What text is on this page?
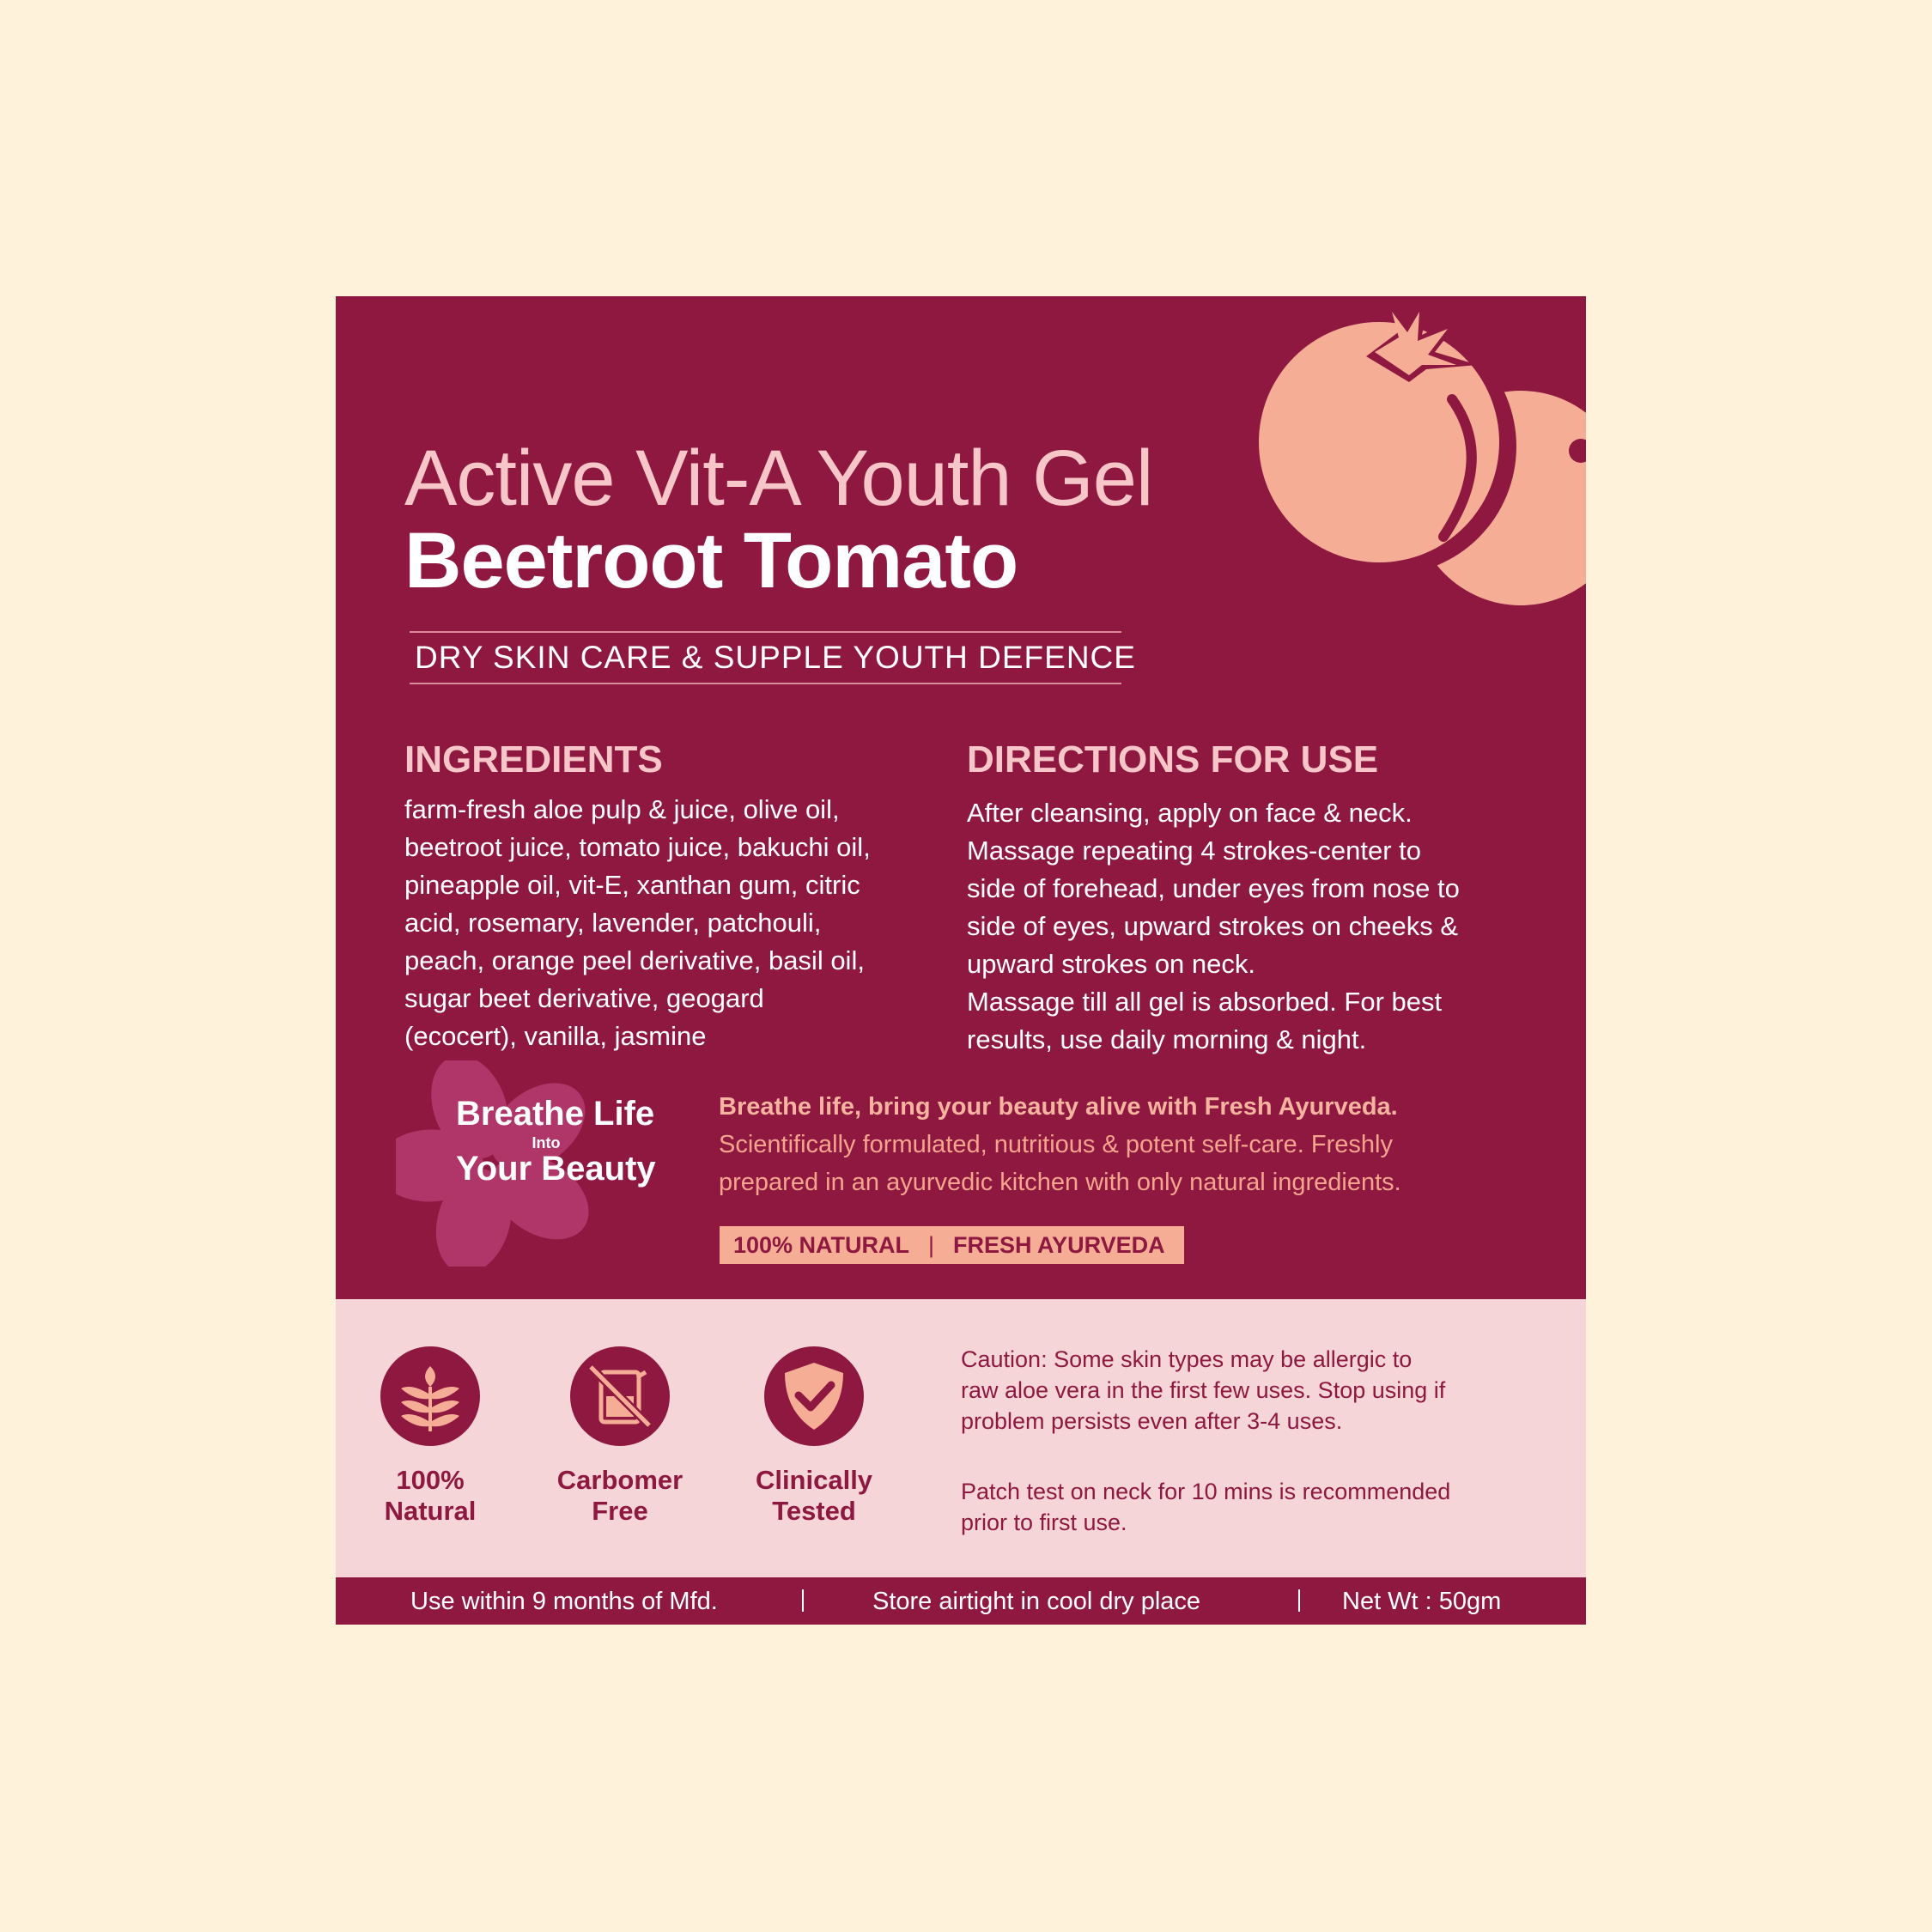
Active Vit-A Youth Gel
Beetroot Tomato
DRY SKIN CARE & SUPPLE YOUTH DEFENCE
INGREDIENTS
farm-fresh aloe pulp & juice, olive oil,
beetroot juice, tomato juice, bakuchi oil,
pineapple oil, vit-E, xanthan gum, citric
acid, rosemary, lavender, patchouli,
peach, orange peel derivative, basil oil,
sugar beet derivative, geogard
(ecocert), vanilla, jasmine
DIRECTIONS FOR USE
After cleansing, apply on face & neck.
Massage repeating 4 strokes-center to
side of forehead, under eyes from nose to
side of eyes, upward strokes on cheeks &
upward strokes on neck.
Massage till all gel is absorbed. For best
results, use daily morning & night.
Breathe Life
Into
Your Beauty
Breathe life, bring your beauty alive with Fresh Ayurveda.
Scientifically formulated, nutritious & potent self-care. Freshly
prepared in an ayurvedic kitchen with only natural ingredients.
100% NATURAL | FRESH AYURVEDA
100%
Natural
Carbomer
Free
Clinically
Tested
Caution: Some skin types may be allergic to
raw aloe vera in the first few uses. Stop using if
problem persists even after 3-4 uses.
Patch test on neck for 10 mins is recommended
prior to first use.
Use within 9 months of Mfd.	Store airtight in cool dry place	Net Wt : 50gm
